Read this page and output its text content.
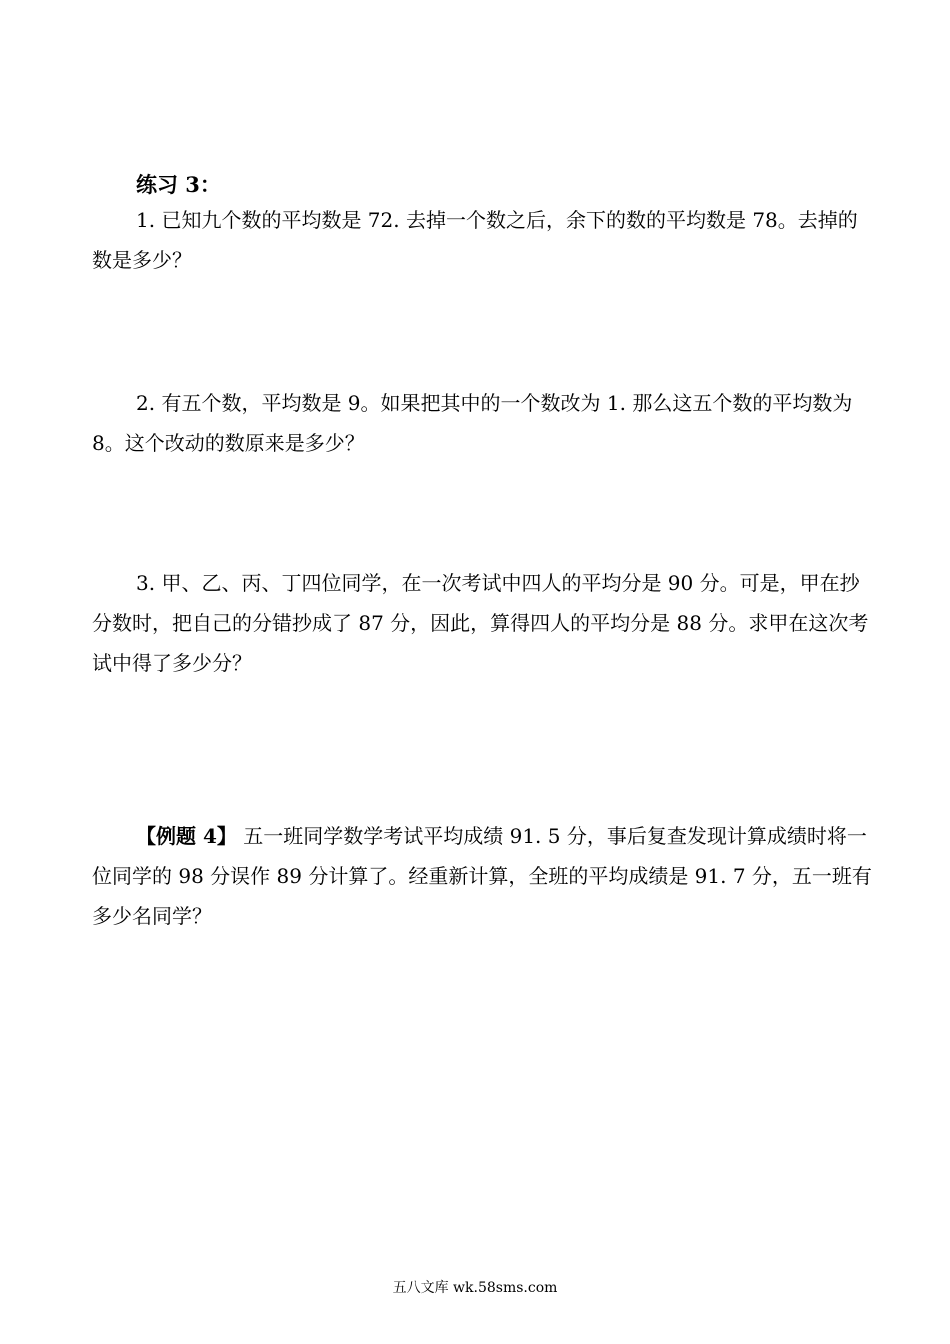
练习 3：

1. 已知九个数的平均数是 72. 去掉一个数之后，余下的数的平均数是 78。去掉的数是多少？

2. 有五个数，平均数是 9。如果把其中的一个数改为 1. 那么这五个数的平均数为 8。这个改动的数原来是多少？

3. 甲、乙、丙、丁四位同学，在一次考试中四人的平均分是 90 分。可是，甲在抄分数时，把自己的分错抄成了 87 分，因此，算得四人的平均分是 88 分。求甲在这次考试中得了多少分？

【例题 4】 五一班同学数学考试平均成绩 91. 5 分，事后复查发现计算成绩时将一位同学的 98 分误作 89 分计算了。经重新计算，全班的平均成绩是 91. 7 分，五一班有多少名同学？

五八文库 wk.58sms.com
